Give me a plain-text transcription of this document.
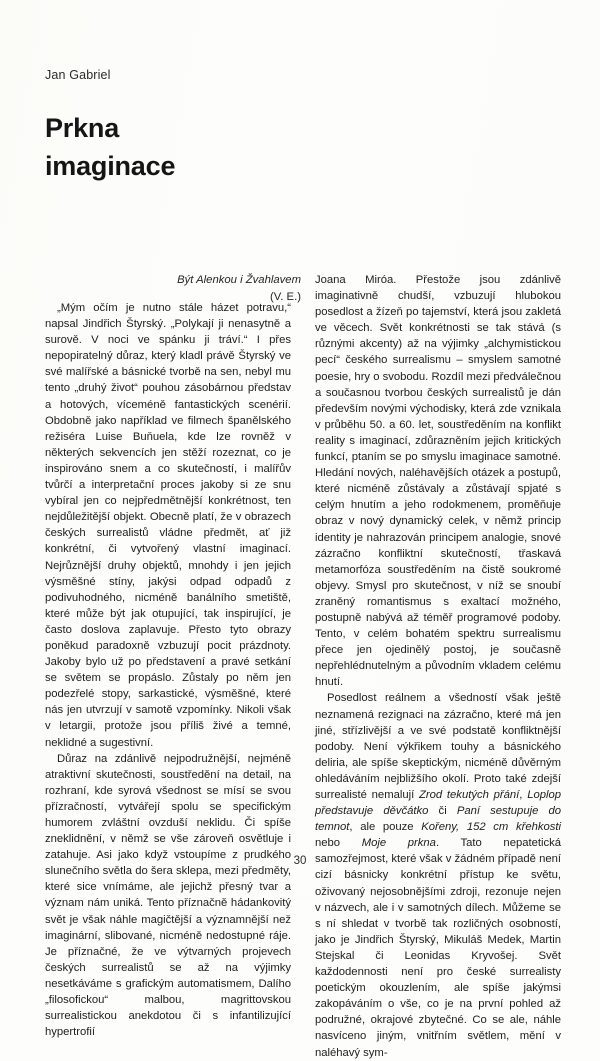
Jan Gabriel
Prkna
imaginace
Být Alenkou i Žvahlavem
(V. E.)

„Mým očím je nutno stále házet potravu,“ napsal Jindřich Štyrský. „Polykají ji nenasytně a surově. V noci ve spánku ji tráví.“ I přes nepopiratelný důraz, který kladl právě Štyrský ve své malířské a básnické tvorbě na sen, nebyl mu tento „druhý život“ pouhou zásobárnou představ a hotových, víceméně fantastických scenérií. Obdobně jako například ve filmech španělského režiséra Luise Buňuela, kde lze rovněž v některých sekvencích jen stěží rozeznat, co je inspirováno snem a co skutečností, i malířův tvůrčí a interpretační proces jakoby si ze snu vybíral jen co nejpředmětnější konkrétnost, ten nejdůležitější objekt. Obecně platí, že v obrazech českých surrealistů vládne předmět, ať již konkrétní, či vytvořený vlastní imaginací. Nejrůznější druhy objektů, mnohdy i jen jejich výsměšné stíny, jakýsi odpad odpadů z podivuhodného, nicméně banálního smetiště, které může být jak otupující, tak inspirující, je často doslova zaplavuje. Přesto tyto obrazy poněkud paradoxně vzbuzují pocit prázdnoty. Jakoby bylo už po představení a pravé setkání se světem se propáslo. Zůstaly po něm jen podezřelé stopy, sarkastické, výsměšné, které nás jen utvrzují v samotě vzpomínky. Nikoli však v letargii, protože jsou příliš živé a temné, neklidné a sugestivní.

Důraz na zdánlivě nejpodružnější, nejméně atraktivní skutečnosti, soustředění na detail, na rozhraní, kde syrová všednost se mísí se svou přízračností, vytvářejí spolu se specifickým humorem zvláštní ovzduší neklidu. Či spíše zneklidnění, v němž se vše zároveň osvětluje i zatahuje. Asi jako když vstoupíme z prudkého slunečního světla do šera sklepa, mezi předměty, které sice vnímáme, ale jejichž přesný tvar a význam nám uniká. Tento příznačně hádankovitý svět je však náhle magičtější a významnější než imaginární, slibované, nicméně nedostupné ráje. Je příznačné, že ve výtvarných projevech českých surrealistů se až na výjimky nesetkáváme s grafickým automatismem, Dalího „filosofickou“ malbou, magrittovskou surrealistickou anekdotou či s infantilizující hypertrofií

Joana Miróa. Přestože jsou zdánlivě imaginativně chudší, vzbuzují hlubokou posedlost a žízeň po tajemství, která jsou zakletá ve věcech. Svět konkrétnosti se tak stává (s různými akcenty) až na výjimky „alchymistickou pecí“ českého surrealismu – smyslem samotné poesie, hry o svobodu. Rozdíl mezi předválečnou a současnou tvorbou českých surrealistů je dán především novými východisky, která zde vznikala v průběhu 50. a 60. let, soustředěním na konflikt reality s imaginací, zdůrazněním jejich kritických funkcí, ptaním se po smyslu imaginace samotné. Hledání nových, naléhavějších otázek a postupů, které nicméně zůstávaly a zůstávají spjaté s celým hnutím a jeho rodokmenem, proměňuje obraz v nový dynamický celek, v němž princip identity je nahrazován principem analogie, snové zázračno konfliktní skutečností, třaskavá metamorfóza soustředěním na čistě soukromé objevy. Smysl pro skutečnost, v níž se snoubí zraněný romantismus s exaltací možného, postupně nabývá až téměř programové podoby. Tento, v celém bohatém spektru surrealismu přece jen ojedinělý postoj, je současně nepřehlédnutelným a původním vkladem celému hnutí.

Posedlost reálnem a všedností však ještě neznamená rezignaci na zázračno, které má jen jiné, střízlivější a ve své podstatě konfliktnější podoby. Není výkřikem touhy a básnického deliria, ale spíše skeptickým, nicméně důvěrným ohledáváním nejbližšího okolí. Proto také zdejší surrealisté nemalují Zrod tekutých přání, Loplop představuje děvčátko či Paní sestupuje do temnot, ale pouze Kořeny, 152 cm křehkosti nebo Moje prkna. Tato nepatetická samozřejmost, které však v žádném případě není cizí básnicky konkrétní přístup ke světu, oživovaný nejosobnějšími zdroji, rezonuje nejen v názvech, ale i v samotných dílech. Můžeme se s ní shledat v tvorbě tak rozličných osobností, jako je Jindřich Štyrský, Mikuláš Medek, Martin Stejskal či Leonidas Kryvošej. Svět každodennosti není pro české surrealisty poetickým okouzlením, ale spíše jakýmsi zakopáváním o vše, co je na první pohled až podružné, okrajové zbytečné. Co se ale, náhle nasvíceno jiným, vnitřním světlem, mění v naléhavý sym-

30
